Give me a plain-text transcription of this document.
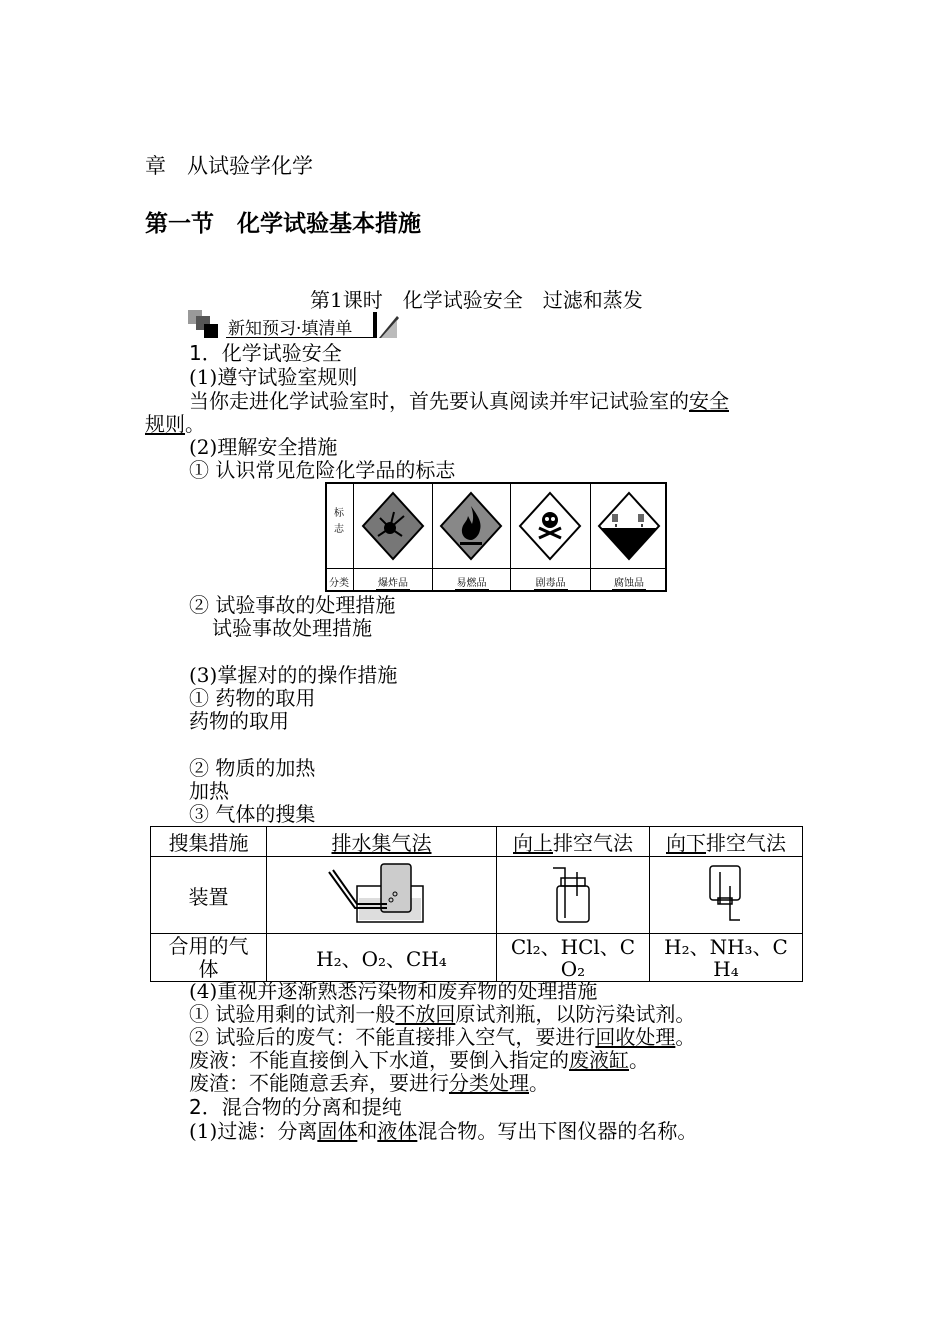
章　从试验学化学
第一节　化学试验基本措施
第1课时　化学试验安全　过滤和蒸发
新知预习·填清单
1．化学试验安全
(1)遵守试验室规则
当你走进化学试验室时，首先要认真阅读并牢记试验室的安全
规则。
(2)理解安全措施
① 认识常见危险化学品的标志
标志
分类	爆炸品	易燃品	剧毒品	腐蚀品
② 试验事故的处理措施
试验事故处理措施
(3)掌握对的的操作措施
① 药物的取用
药物的取用
② 物质的加热
加热
③ 气体的搜集
搜集措施	排水集气法	向上排空气法	向下排空气法
装置			

合用的气体	H₂、O₂、CH₄	Cl₂、HCl、CO₂	H₂、NH₃、CH₄
(4)重视并逐渐熟悉污染物和废弃物的处理措施
① 试验用剩的试剂一般不放回原试剂瓶，以防污染试剂。
② 试验后的废气：不能直接排入空气，要进行回收处理。
废液：不能直接倒入下水道，要倒入指定的废液缸。
废渣：不能随意丢弃，要进行分类处理。
2．混合物的分离和提纯
(1)过滤：分离固体和液体混合物。写出下图仪器的名称。
